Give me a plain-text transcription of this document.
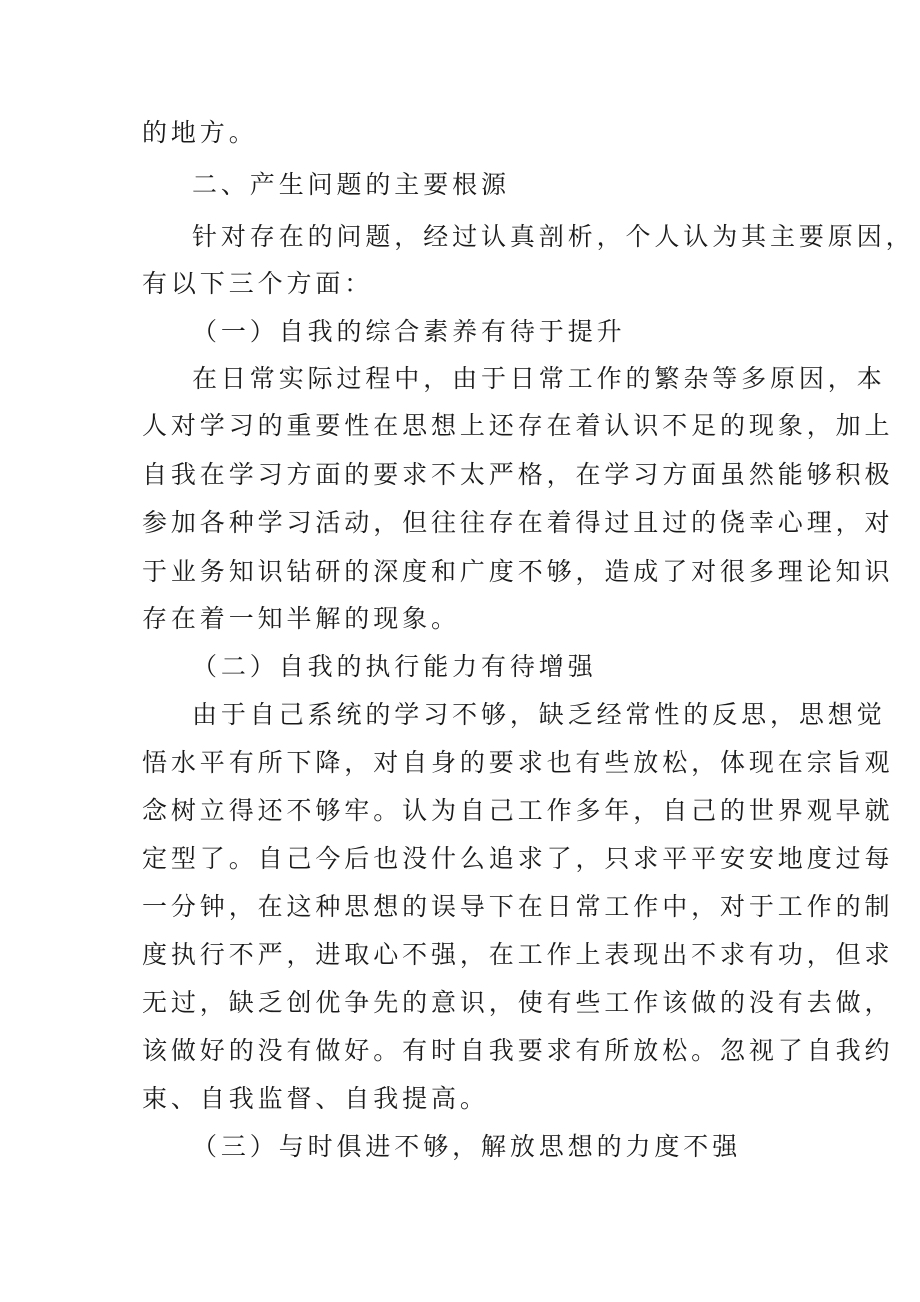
的地方。
二、产生问题的主要根源
针对存在的问题，经过认真剖析，个人认为其主要原因，
有以下三个方面：
（一）自我的综合素养有待于提升
在日常实际过程中，由于日常工作的繁杂等多原因，本
人对学习的重要性在思想上还存在着认识不足的现象，加上
自我在学习方面的要求不太严格，在学习方面虽然能够积极
参加各种学习活动，但往往存在着得过且过的侥幸心理，对
于业务知识钻研的深度和广度不够，造成了对很多理论知识
存在着一知半解的现象。
（二）自我的执行能力有待增强
由于自己系统的学习不够，缺乏经常性的反思，思想觉
悟水平有所下降，对自身的要求也有些放松，体现在宗旨观
念树立得还不够牢。认为自己工作多年，自己的世界观早就
定型了。自己今后也没什么追求了，只求平平安安地度过每
一分钟，在这种思想的误导下在日常工作中，对于工作的制
度执行不严，进取心不强，在工作上表现出不求有功，但求
无过，缺乏创优争先的意识，使有些工作该做的没有去做，
该做好的没有做好。有时自我要求有所放松。忽视了自我约
束、自我监督、自我提高。
（三）与时俱进不够，解放思想的力度不强
